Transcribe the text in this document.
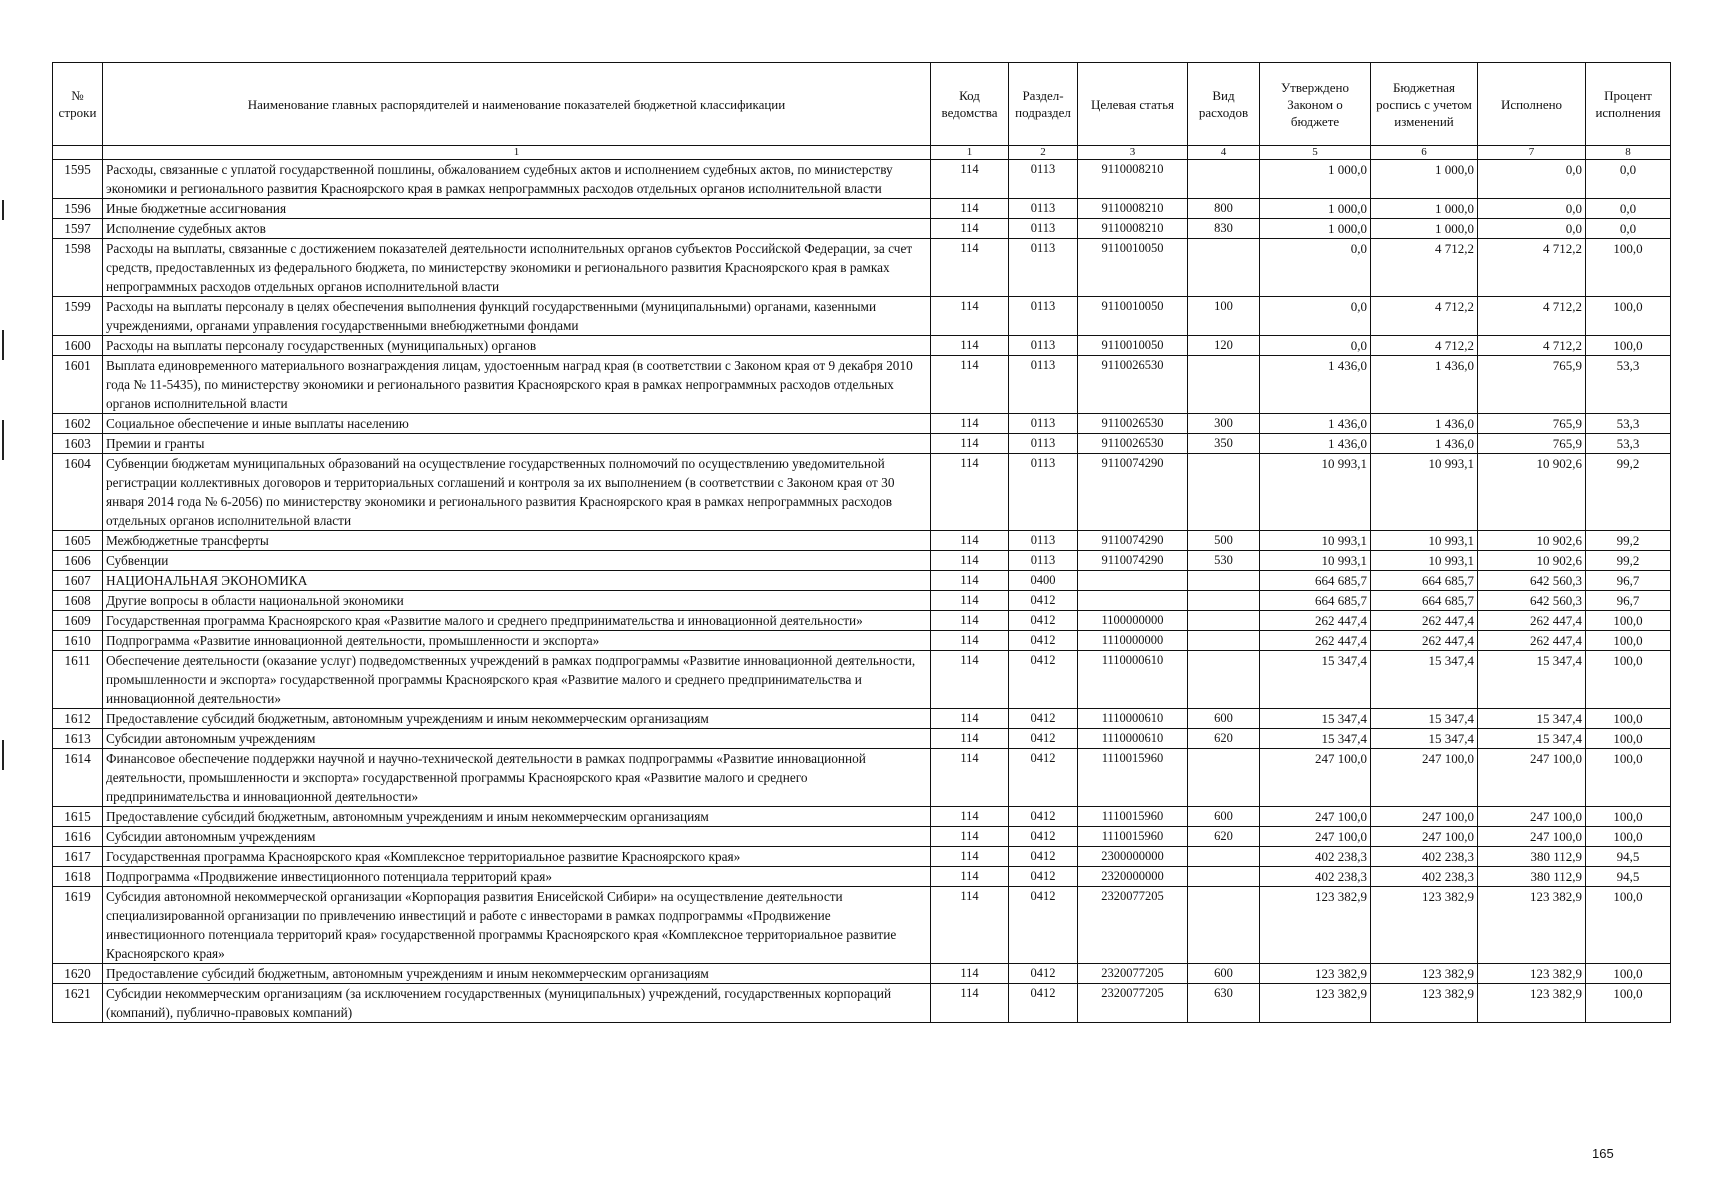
№ строки	Наименование главных распорядителей и наименование показателей бюджетной классификации	Код ведомства	Раздел-подраздел	Целевая статья	Вид расходов	Утверждено Законом о бюджете	Бюджетная роспись с учетом изменений	Исполнено	Процент исполнения
	1	1	2	3	4	5	6	7	8
1595	Расходы, связанные с уплатой государственной пошлины, обжалованием судебных актов и исполнением судебных актов, по министерству экономики и регионального развития Красноярского края в рамках непрограммных расходов отдельных органов исполнительной власти	114	0113	9110008210		1 000,0	1 000,0	0,0	0,0
1596	Иные бюджетные ассигнования	114	0113	9110008210	800	1 000,0	1 000,0	0,0	0,0
1597	Исполнение судебных актов	114	0113	9110008210	830	1 000,0	1 000,0	0,0	0,0
1598	Расходы на выплаты, связанные с достижением показателей деятельности исполнительных органов субъектов Российской Федерации, за счет средств, предоставленных из федерального бюджета, по министерству экономики и регионального развития Красноярского края в рамках непрограммных расходов отдельных органов исполнительной власти	114	0113	9110010050		0,0	4 712,2	4 712,2	100,0
1599	Расходы на выплаты персоналу в целях обеспечения выполнения функций государственными (муниципальными) органами, казенными учреждениями, органами управления государственными внебюджетными фондами	114	0113	9110010050	100	0,0	4 712,2	4 712,2	100,0
1600	Расходы на выплаты персоналу государственных (муниципальных) органов	114	0113	9110010050	120	0,0	4 712,2	4 712,2	100,0
1601	Выплата единовременного материального вознаграждения лицам, удостоенным наград края (в соответствии с Законом края от 9 декабря 2010 года № 11-5435), по министерству экономики и регионального развития Красноярского края в рамках непрограммных расходов отдельных органов исполнительной власти	114	0113	9110026530		1 436,0	1 436,0	765,9	53,3
1602	Социальное обеспечение и иные выплаты населению	114	0113	9110026530	300	1 436,0	1 436,0	765,9	53,3
1603	Премии и гранты	114	0113	9110026530	350	1 436,0	1 436,0	765,9	53,3
1604	Субвенции бюджетам муниципальных образований на осуществление государственных полномочий по осуществлению уведомительной регистрации коллективных договоров и территориальных соглашений и контроля за их выполнением (в соответствии с Законом края от 30 января 2014 года № 6-2056) по министерству экономики и регионального развития Красноярского края в рамках непрограммных расходов отдельных органов исполнительной власти	114	0113	9110074290		10 993,1	10 993,1	10 902,6	99,2
1605	Межбюджетные трансферты	114	0113	9110074290	500	10 993,1	10 993,1	10 902,6	99,2
1606	Субвенции	114	0113	9110074290	530	10 993,1	10 993,1	10 902,6	99,2
1607	НАЦИОНАЛЬНАЯ ЭКОНОМИКА	114	0400			664 685,7	664 685,7	642 560,3	96,7
1608	Другие вопросы в области национальной экономики	114	0412			664 685,7	664 685,7	642 560,3	96,7
1609	Государственная программа Красноярского края «Развитие малого и среднего предпринимательства и инновационной деятельности»	114	0412	1100000000		262 447,4	262 447,4	262 447,4	100,0
1610	Подпрограмма «Развитие инновационной деятельности, промышленности и экспорта»	114	0412	1110000000		262 447,4	262 447,4	262 447,4	100,0
1611	Обеспечение деятельности (оказание услуг) подведомственных учреждений в рамках подпрограммы «Развитие инновационной деятельности, промышленности и экспорта» государственной программы Красноярского края «Развитие малого и среднего предпринимательства и инновационной деятельности»	114	0412	1110000610		15 347,4	15 347,4	15 347,4	100,0
1612	Предоставление субсидий бюджетным, автономным учреждениям и иным некоммерческим организациям	114	0412	1110000610	600	15 347,4	15 347,4	15 347,4	100,0
1613	Субсидии автономным учреждениям	114	0412	1110000610	620	15 347,4	15 347,4	15 347,4	100,0
1614	Финансовое обеспечение поддержки научной и научно-технической деятельности в рамках подпрограммы «Развитие инновационной деятельности, промышленности и экспорта» государственной программы Красноярского края «Развитие малого и среднего предпринимательства и инновационной деятельности»	114	0412	1110015960		247 100,0	247 100,0	247 100,0	100,0
1615	Предоставление субсидий бюджетным, автономным учреждениям и иным некоммерческим организациям	114	0412	1110015960	600	247 100,0	247 100,0	247 100,0	100,0
1616	Субсидии автономным учреждениям	114	0412	1110015960	620	247 100,0	247 100,0	247 100,0	100,0
1617	Государственная программа Красноярского края «Комплексное территориальное развитие Красноярского края»	114	0412	2300000000		402 238,3	402 238,3	380 112,9	94,5
1618	Подпрограмма «Продвижение инвестиционного потенциала территорий края»	114	0412	2320000000		402 238,3	402 238,3	380 112,9	94,5
1619	Субсидия автономной некоммерческой организации «Корпорация развития Енисейской Сибири» на осуществление деятельности специализированной организации по привлечению инвестиций и работе с инвесторами в рамках подпрограммы «Продвижение инвестиционного потенциала территорий края» государственной программы Красноярского края «Комплексное территориальное развитие Красноярского края»	114	0412	2320077205		123 382,9	123 382,9	123 382,9	100,0
1620	Предоставление субсидий бюджетным, автономным учреждениям и иным некоммерческим организациям	114	0412	2320077205	600	123 382,9	123 382,9	123 382,9	100,0
1621	Субсидии некоммерческим организациям (за исключением государственных (муниципальных) учреждений, государственных корпораций (компаний), публично-правовых компаний)	114	0412	2320077205	630	123 382,9	123 382,9	123 382,9	100,0
165
